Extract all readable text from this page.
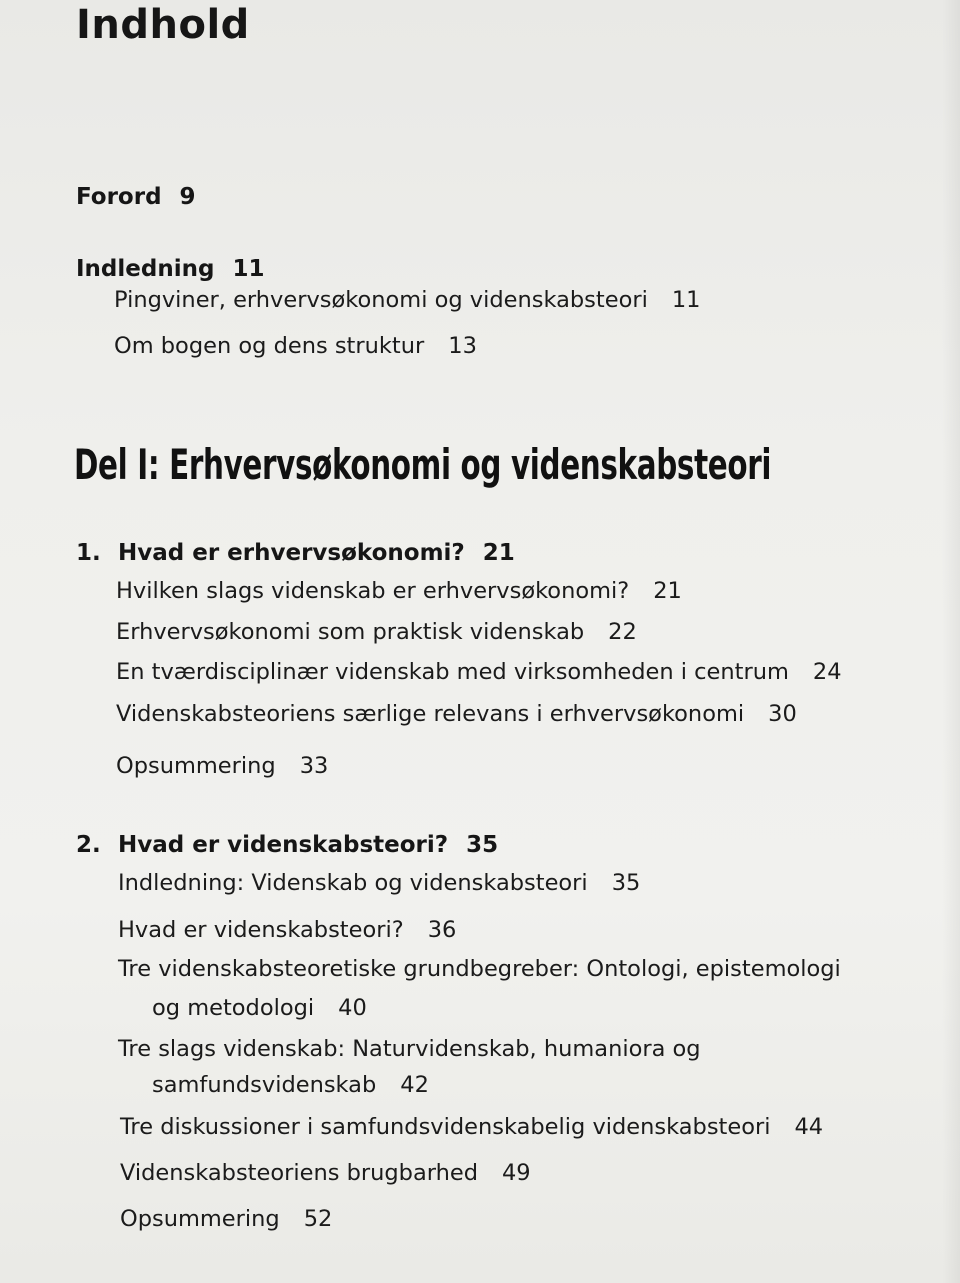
Indhold
Forord 9
Indledning 11
Pingviner, erhvervsøkonomi og videnskabsteori 11
Om bogen og dens struktur 13
Del I: Erhvervsøkonomi og videnskabsteori
1. Hvad er erhvervsøkonomi? 21
Hvilken slags videnskab er erhvervsøkonomi? 21
Erhvervsøkonomi som praktisk videnskab 22
En tværdisciplinær videnskab med virksomheden i centrum 24
Videnskabsteoriens særlige relevans i erhvervsøkonomi 30
Opsummering 33
2. Hvad er videnskabsteori? 35
Indledning: Videnskab og videnskabsteori 35
Hvad er videnskabsteori? 36
Tre videnskabsteoretiske grundbegreber: Ontologi, epistemologi
og metodologi 40
Tre slags videnskab: Naturvidenskab, humaniora og
samfundsvidenskab 42
Tre diskussioner i samfundsvidenskabelig videnskabsteori 44
Videnskabsteoriens brugbarhed 49
Opsummering 52
